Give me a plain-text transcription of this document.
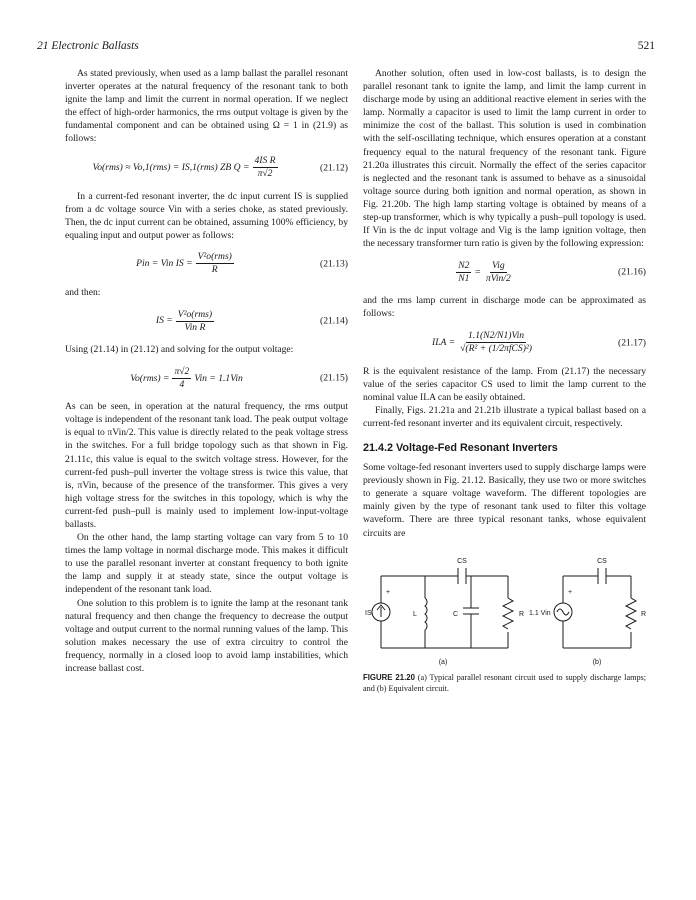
21 Electronic Ballasts	521

As stated previously, when used as a lamp ballast the parallel resonant inverter operates at the natural frequency of the resonant tank to both ignite the lamp and limit the current in normal operation. If we neglect the effect of high-order harmonics, the rms output voltage is given by the fundamental component and can be obtained using Ω = 1 in (21.9) as follows:

Vo(rms) ≈ Vo,1(rms) = IS,1(rms) ZB $Q = \frac{\text{4IS R}}{\pi√2}$	(21.12)

In a current-fed resonant inverter, the dc input current IS is supplied from a dc voltage source Vin with a series choke, as stated previously. Then, the dc input current can be obtained, assuming 100% efficiency, by equaling input and output power as follows:

Pin = Vin IS = $\frac{\text{V²o(rms)}}{R}$	(21.13)

and then:

IS = $\frac{\text{V²o(rms)}}{\text{Vin R}}$	(21.14)

Using (21.14) in (21.12) and solving for the output voltage:

$Vo(rms) = \frac{\pi√2}{4}$ Vin = 1.1Vin	(21.15)

As can be seen, in operation at the natural frequency, the rms output voltage is independent of the resonant tank load. The peak output voltage is equal to πVin/2. This value is directly related to the peak voltage stress in the switches. For a full bridge topology such as that shown in Fig. 21.11c, this value is equal to the switch voltage stress. However, for the current-fed push–pull inverter the voltage stress is twice this value, that is, πVin, because of the presence of the transformer. This gives a very high voltage stress for the switches in this topology, which is why the current-fed push–pull is mainly used to implement low-input-voltage ballasts.

On the other hand, the lamp starting voltage can vary from 5 to 10 times the lamp voltage in normal discharge mode. This makes it difficult to use the parallel resonant inverter at constant frequency to both ignite the lamp and supply it at steady state, since the output voltage is independent of the resonant tank load.

One solution to this problem is to ignite the lamp at the resonant tank natural frequency and then change the frequency to decrease the output voltage and output current to the normal running values of the lamp. This solution makes necessary the use of extra circuitry to control the frequency, normally in a closed loop to avoid lamp instabilities, which increase ballast cost.

Another solution, often used in low-cost ballasts, is to design the parallel resonant tank to ignite the lamp, and limit the lamp current in discharge mode by using an additional reactive element in series with the lamp. Normally a capacitor is used to limit the lamp current in order to minimize the cost of the ballast. This solution is used in combination with the self-oscillating technique, which ensures operation at a constant frequency equal to the natural frequency of the resonant tank. Figure 21.20a illustrates this circuit. Normally the effect of the series capacitor is neglected and the resonant tank is assumed to behave as a sinusoidal voltage source during both ignition and normal operation, as shown in Fig. 21.20b. The high lamp starting voltage is obtained by means of a step-up transformer, which is why typically a push–pull topology is used. If Vin is the dc input voltage and Vig is the lamp ignition voltage, then the necessary transformer turn ratio is given by the following expression:

$\frac{N2}{N1} = \frac{\text{Vig}}{\text{πVin/2}}$	(21.16)

and the rms lamp current in discharge mode can be approximated as follows:

ILA = $\frac{\text{1.1(N2/N1)Vin}}{\text{√(R² + (1/2πfCS)²)}}$	(21.17)

R is the equivalent resistance of the lamp. From (21.17) the necessary value of the series capacitor CS used to limit the lamp current to the nominal value ILA can be easily obtained.

Finally, Figs. 21.21a and 21.21b illustrate a typical ballast based on a current-fed resonant inverter and its equivalent circuit, respectively.

21.4.2 Voltage-Fed Resonant Inverters

Some voltage-fed resonant inverters used to supply discharge lamps were previously shown in Fig. 21.12. Basically, they use two or more switches to generate a square voltage waveform. The different topologies are mainly given by the type of resonant tank used to filter this voltage waveform. There are three typical resonant tanks, whose equivalent circuits are

CS
IS	L	C	R
(a)
CS
1.1 Vin	R
(b)
+	+
FIGURE 21.20 (a) Typical parallel resonant circuit used to supply discharge lamps; and (b) Equivalent circuit.
